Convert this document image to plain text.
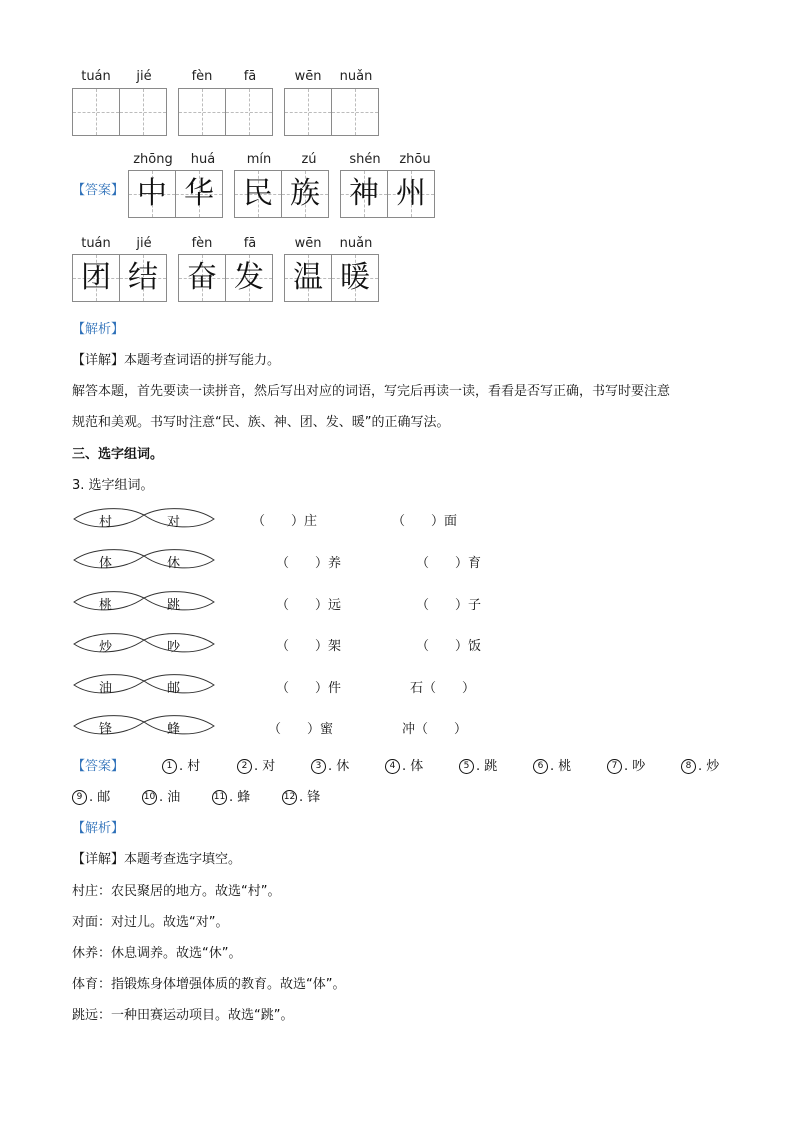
tuán	jié	fèn	fā	wēn	nuǎn
【答案】
zhōng	huá	mín	zú	shén	zhōu
中 华 民 族 神 州
tuán	jié	fèn	fā	wēn	nuǎn
团 结 奋 发 温 暖
【解析】
【详解】本题考查词语的拼写能力。
解答本题，首先要读一读拼音，然后写出对应的词语，写完后再读一读，看看是否写正确，书写时要注意
规范和美观。书写时注意“民、族、神、团、发、暖”的正确写法。
三、选字组词。
3. 选字组词。
村	对	（　　）庄	（　　）面
体	休	（　　）养	（　　）育
桃	跳	（　　）远	（　　）子
炒	吵	（　　）架	（　　）饭
油	邮	（　　）件	石（　　）
锋	蜂	（　　）蜜	冲（　　）
【答案】	1 . 村	2 . 对	3 . 休	4 . 体	5 . 跳	6 . 桃	7 . 吵	8 . 炒
9 . 邮	10 . 油	11 . 蜂	12 . 锋
【解析】
【详解】本题考查选字填空。
村庄：农民聚居的地方。故选“村”。
对面：对过儿。故选“对”。
休养：休息调养。故选“休”。
体育：指锻炼身体增强体质的教育。故选“体”。
跳远：一种田赛运动项目。故选“跳”。
